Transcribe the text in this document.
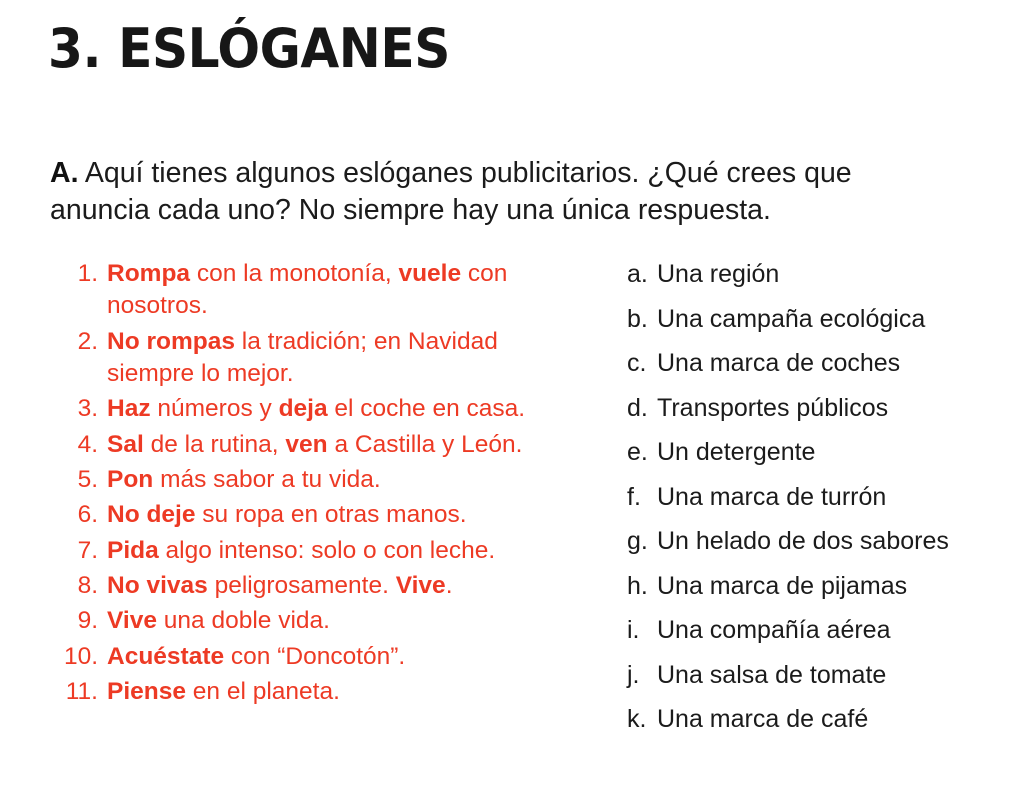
3. ESLÓGANES

A. Aquí tienes algunos eslóganes publicitarios. ¿Qué crees que anuncia cada uno? No siempre hay una única respuesta.

1. Rompa con la monotonía, vuele con nosotros.
2. No rompas la tradición; en Navidad siempre lo mejor.
3. Haz números y deja el coche en casa.
4. Sal de la rutina, ven a Castilla y León.
5. Pon más sabor a tu vida.
6. No deje su ropa en otras manos.
7. Pida algo intenso: solo o con leche.
8. No vivas peligrosamente. Vive.
9. Vive una doble vida.
10. Acuéstate con “Doncotón”.
11. Piense en el planeta.
a. Una región
b. Una campaña ecológica
c. Una marca de coches
d. Transportes públicos
e. Un detergente
f. Una marca de turrón
g. Un helado de dos sabores
h. Una marca de pijamas
i. Una compañía aérea
j. Una salsa de tomate
k. Una marca de café
